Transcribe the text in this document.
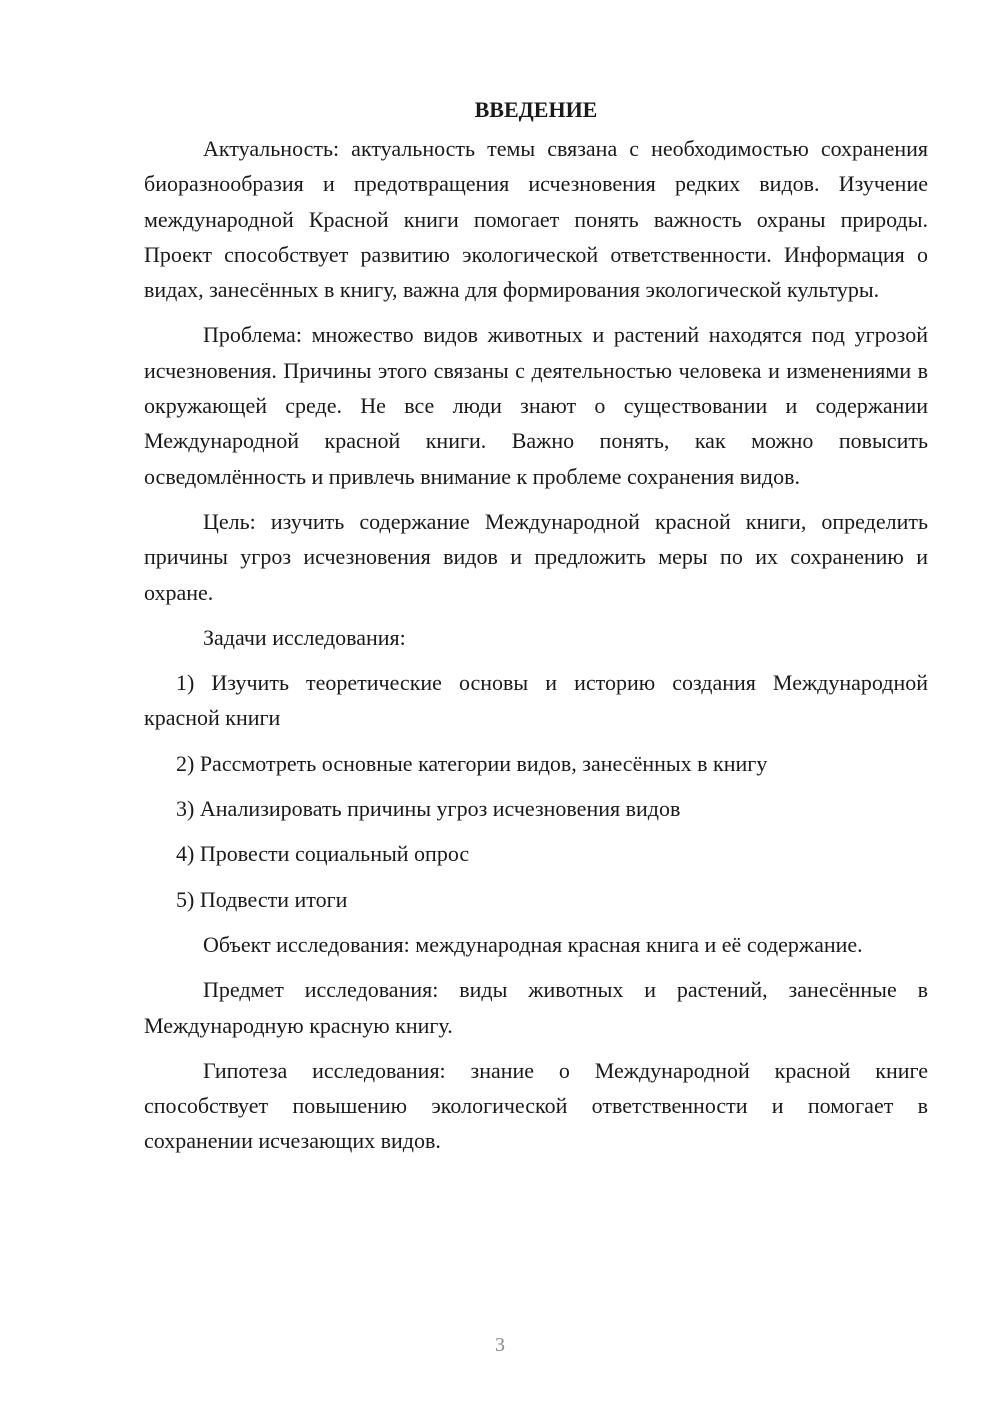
ВВЕДЕНИЕ

Актуальность: актуальность темы связана с необходимостью сохранения биоразнообразия и предотвращения исчезновения редких видов. Изучение международной Красной книги помогает понять важность охраны природы. Проект способствует развитию экологической ответственности. Информация о видах, занесённых в книгу, важна для формирования экологической культуры.

Проблема: множество видов животных и растений находятся под угрозой исчезновения. Причины этого связаны с деятельностью человека и изменениями в окружающей среде. Не все люди знают о существовании и содержании Международной красной книги. Важно понять, как можно повысить осведомлённость и привлечь внимание к проблеме сохранения видов.

Цель: изучить содержание Международной красной книги, определить причины угроз исчезновения видов и предложить меры по их сохранению и охране.

Задачи исследования:

1) Изучить теоретические основы и историю создания Международной красной книги

2) Рассмотреть основные категории видов, занесённых в книгу

3) Анализировать причины угроз исчезновения видов

4) Провести социальный опрос

5) Подвести итоги

Объект исследования: международная красная книга и её содержание.

Предмет исследования: виды животных и растений, занесённые в Международную красную книгу.

Гипотеза исследования: знание о Международной красной книге способствует повышению экологической ответственности и помогает в сохранении исчезающих видов.

3
